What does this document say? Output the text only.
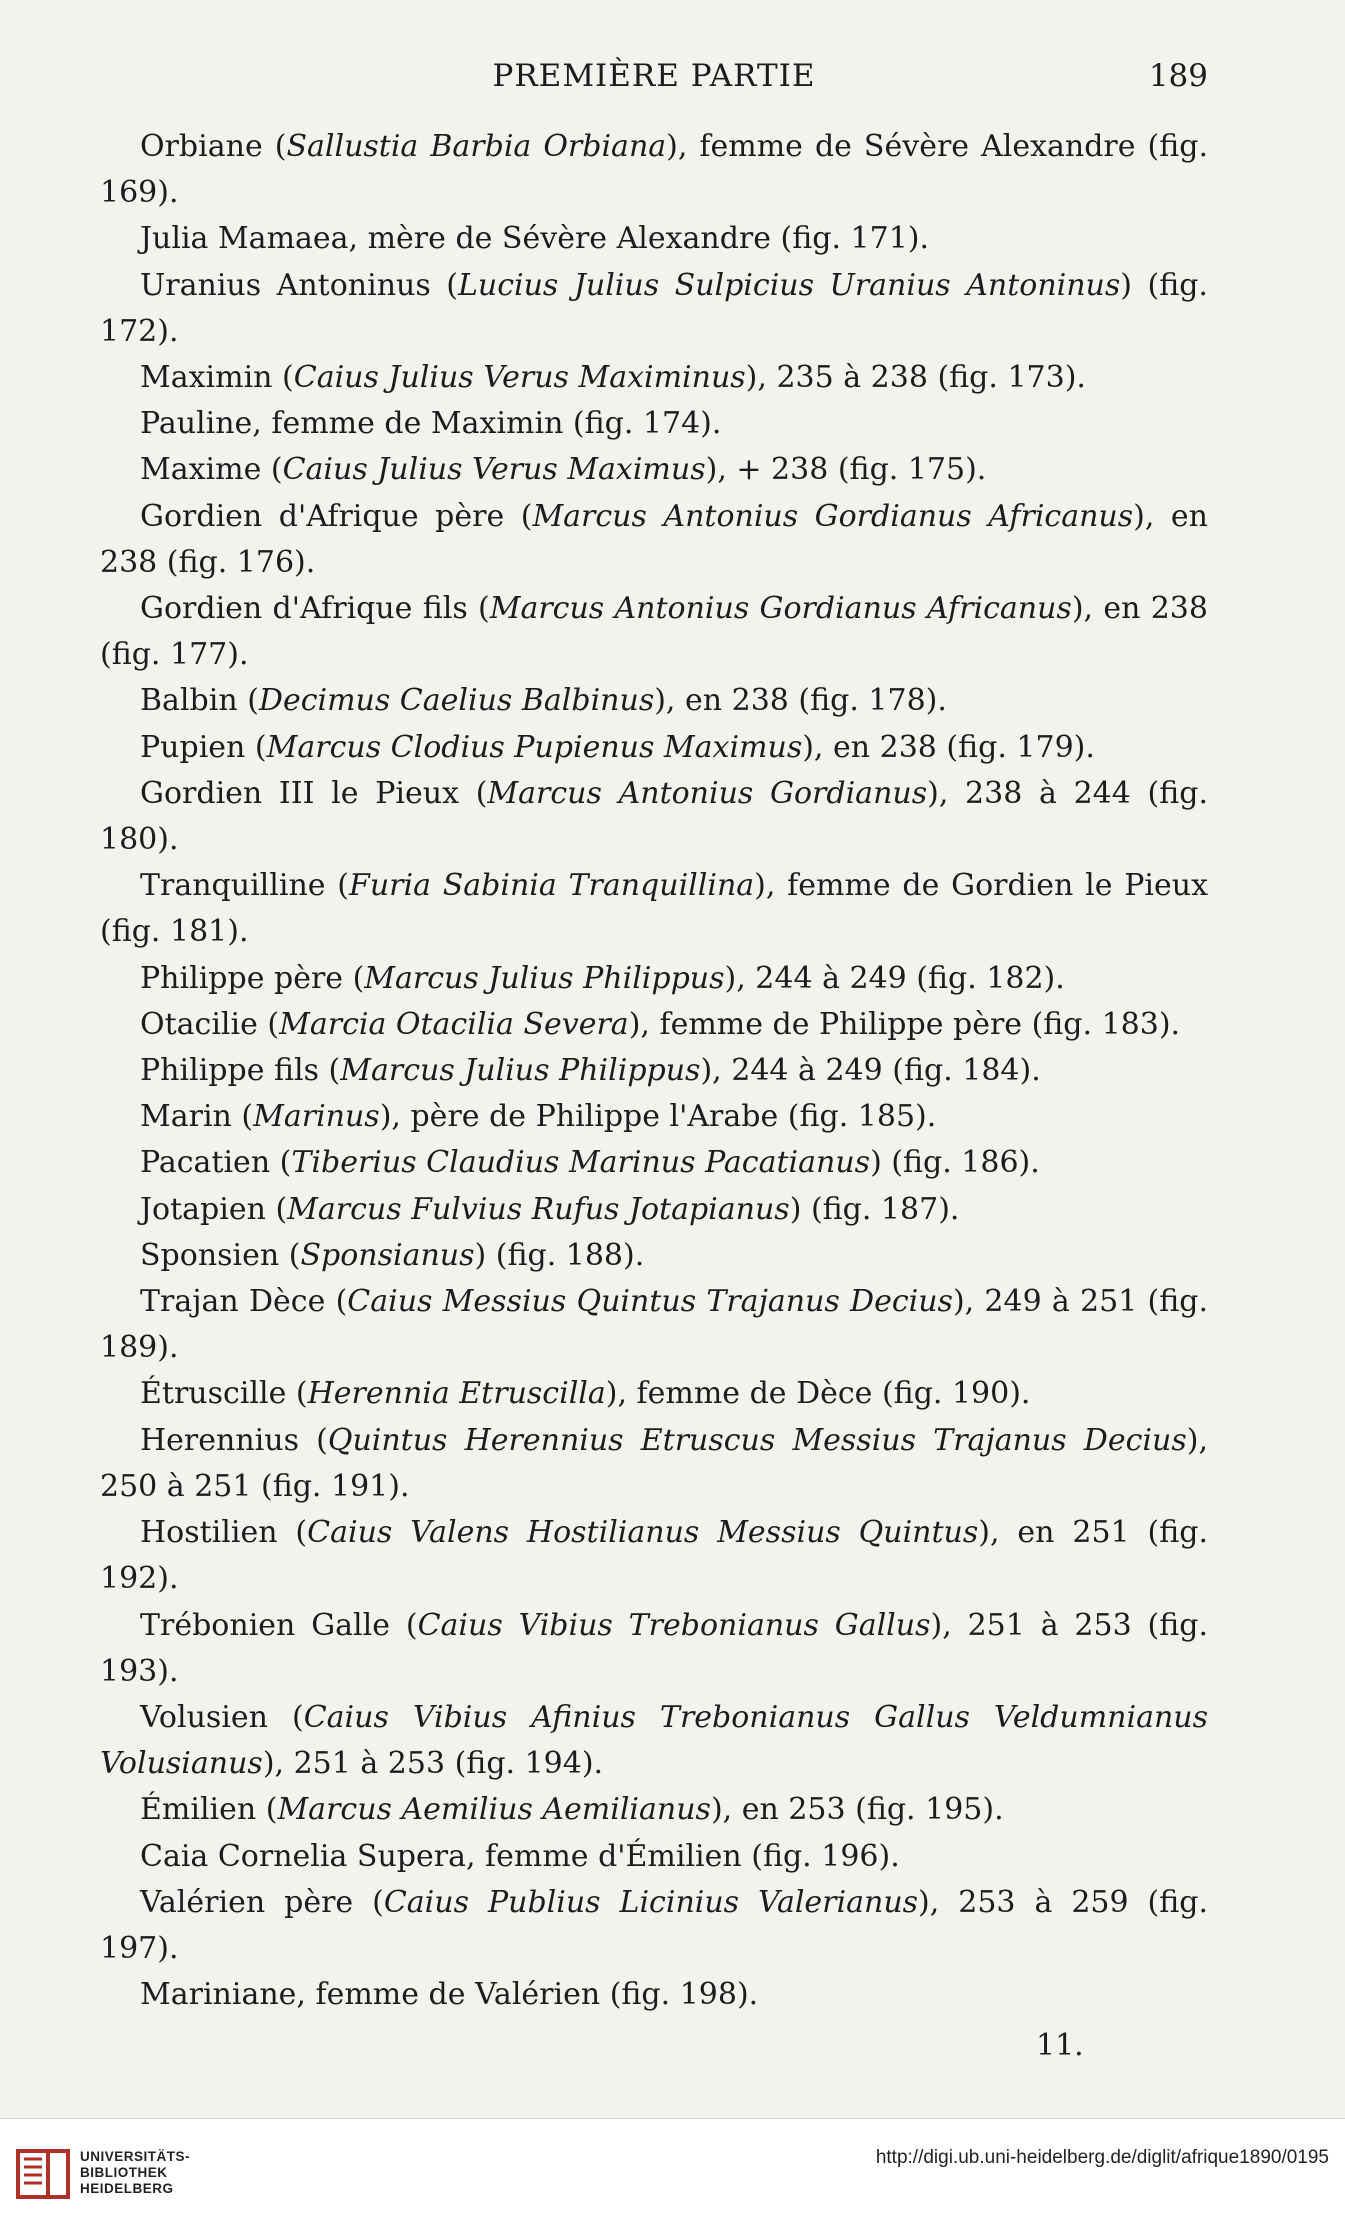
PREMIÈRE PARTIE	189

Orbiane (Sallustia Barbia Orbiana), femme de Sévère Alexandre (fig. 169).

Julia Mamaea, mère de Sévère Alexandre (fig. 171).

Uranius Antoninus (Lucius Julius Sulpicius Uranius Antoninus) (fig. 172).

Maximin (Caius Julius Verus Maximinus), 235 à 238 (fig. 173).

Pauline, femme de Maximin (fig. 174).

Maxime (Caius Julius Verus Maximus), + 238 (fig. 175).

Gordien d'Afrique père (Marcus Antonius Gordianus Africanus), en 238 (fig. 176).

Gordien d'Afrique fils (Marcus Antonius Gordianus Africanus), en 238 (fig. 177).

Balbin (Decimus Caelius Balbinus), en 238 (fig. 178).

Pupien (Marcus Clodius Pupienus Maximus), en 238 (fig. 179).

Gordien III le Pieux (Marcus Antonius Gordianus), 238 à 244 (fig. 180).

Tranquilline (Furia Sabinia Tranquillina), femme de Gordien le Pieux (fig. 181).

Philippe père (Marcus Julius Philippus), 244 à 249 (fig. 182).

Otacilie (Marcia Otacilia Severa), femme de Philippe père (fig. 183).

Philippe fils (Marcus Julius Philippus), 244 à 249 (fig. 184).

Marin (Marinus), père de Philippe l'Arabe (fig. 185).

Pacatien (Tiberius Claudius Marinus Pacatianus) (fig. 186).

Jotapien (Marcus Fulvius Rufus Jotapianus) (fig. 187).

Sponsien (Sponsianus) (fig. 188).

Trajan Dèce (Caius Messius Quintus Trajanus Decius), 249 à 251 (fig. 189).

Étruscille (Herennia Etruscilla), femme de Dèce (fig. 190).

Herennius (Quintus Herennius Etruscus Messius Trajanus Decius), 250 à 251 (fig. 191).

Hostilien (Caius Valens Hostilianus Messius Quintus), en 251 (fig. 192).

Trébonien Galle (Caius Vibius Trebonianus Gallus), 251 à 253 (fig. 193).

Volusien (Caius Vibius Afinius Trebonianus Gallus Veldumnianus Volusianus), 251 à 253 (fig. 194).

Émilien (Marcus Aemilius Aemilianus), en 253 (fig. 195).

Caia Cornelia Supera, femme d'Émilien (fig. 196).

Valérien père (Caius Publius Licinius Valerianus), 253 à 259 (fig. 197).

Mariniane, femme de Valérien (fig. 198).

11.
UNIVERSITÄTS-
BIBLIOTHEK
HEIDELBERG
http://digi.ub.uni-heidelberg.de/diglit/afrique1890/0195
